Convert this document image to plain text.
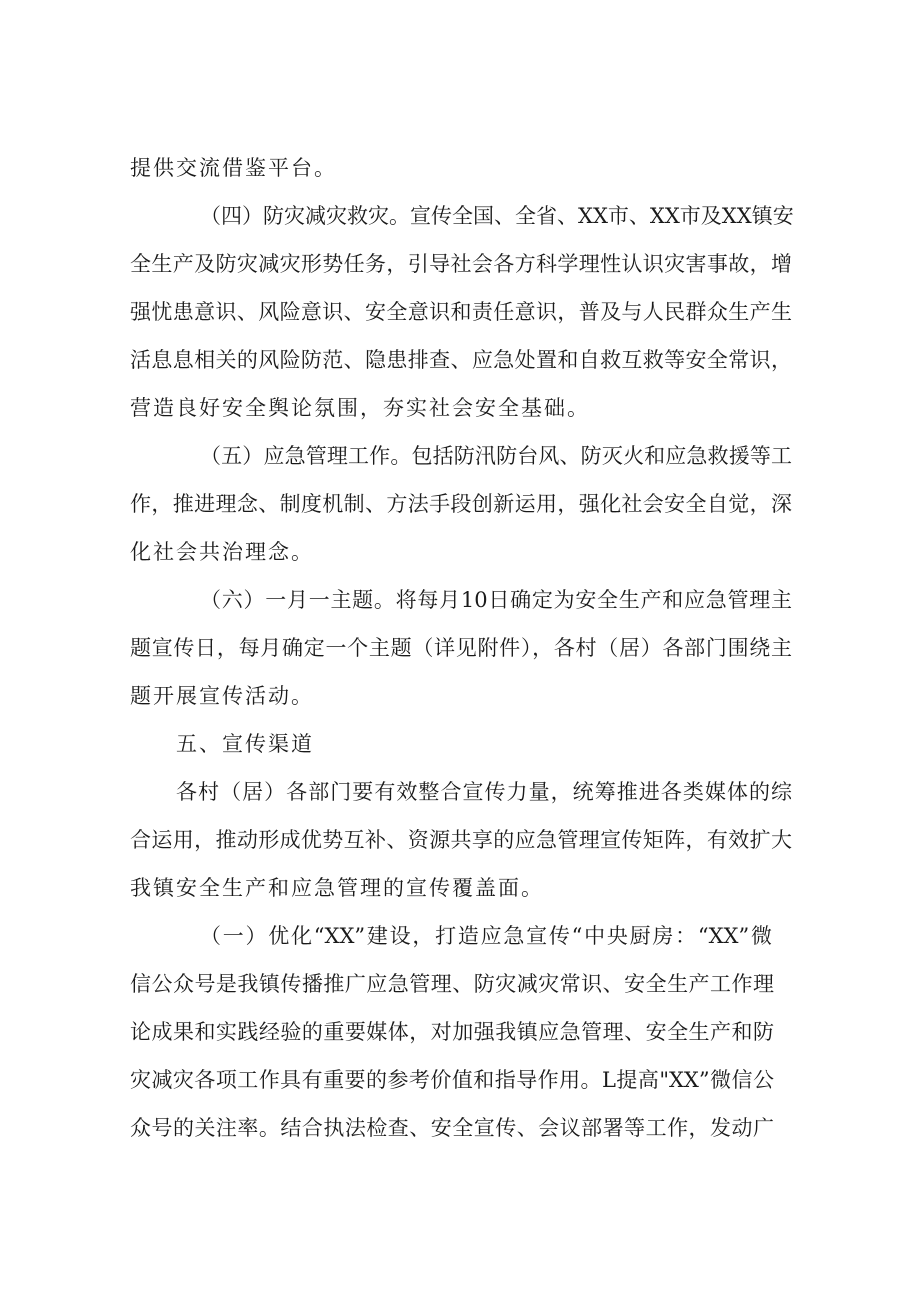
提供交流借鉴平台。
（四）防灾减灾救灾。宣传全国、全省、XX市、XX市及XX镇安
全生产及防灾减灾形势任务，引导社会各方科学理性认识灾害事故，增
强忧患意识、风险意识、安全意识和责任意识，普及与人民群众生产生
活息息相关的风险防范、隐患排查、应急处置和自救互救等安全常识，
营造良好安全舆论氛围，夯实社会安全基础。
（五）应急管理工作。包括防汛防台风、防灭火和应急救援等工
作，推进理念、制度机制、方法手段创新运用，强化社会安全自觉，深
化社会共治理念。
（六）一月一主题。将每月10日确定为安全生产和应急管理主
题宣传日，每月确定一个主题（详见附件），各村（居）各部门围绕主
题开展宣传活动。
五、宣传渠道
各村（居）各部门要有效整合宣传力量，统筹推进各类媒体的综
合运用，推动形成优势互补、资源共享的应急管理宣传矩阵，有效扩大
我镇安全生产和应急管理的宣传覆盖面。
（一）优化“XX”建设，打造应急宣传“中央厨房：“XX”微
信公众号是我镇传播推广应急管理、防灾减灾常识、安全生产工作理
论成果和实践经验的重要媒体，对加强我镇应急管理、安全生产和防
灾减灾各项工作具有重要的参考价值和指导作用。L提高"XX”微信公
众号的关注率。结合执法检查、安全宣传、会议部署等工作，发动广
